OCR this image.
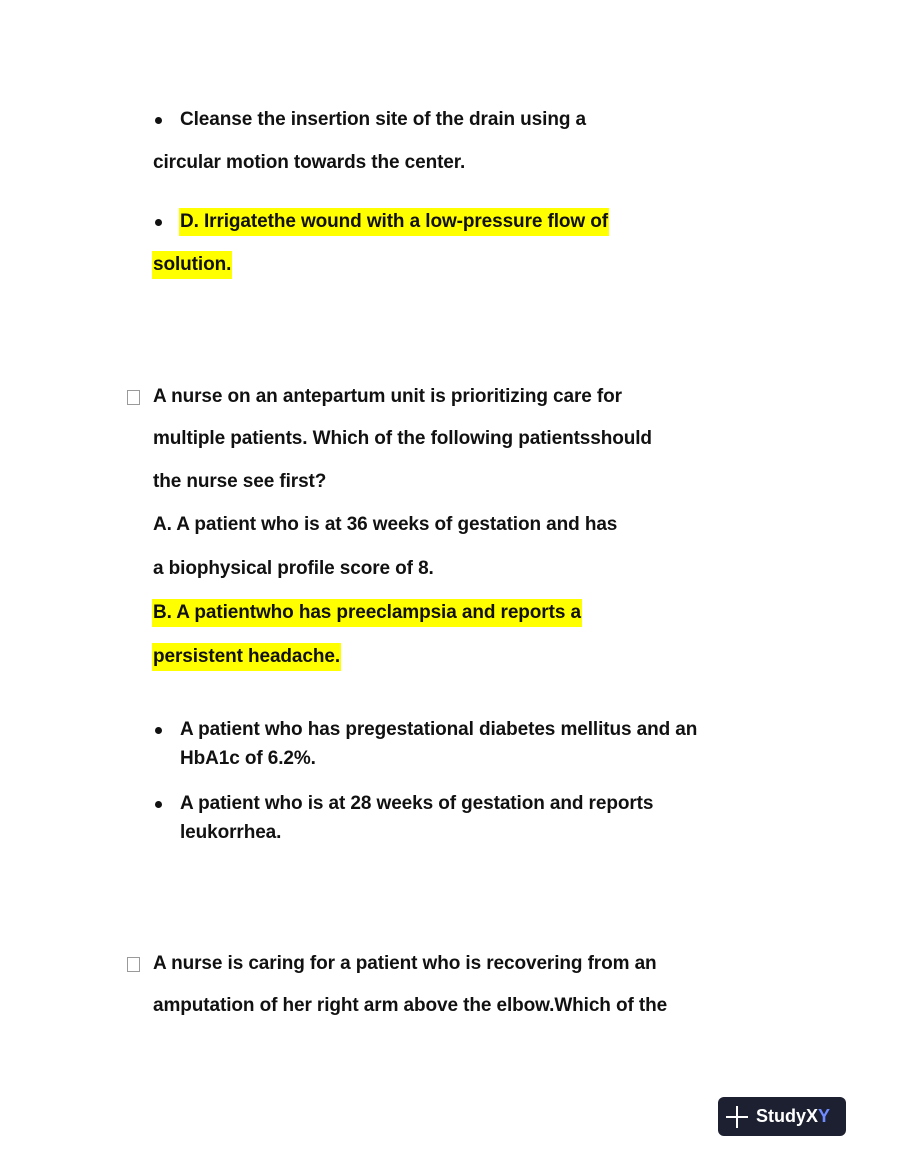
Cleanse the insertion site of the drain using a
circular motion towards the center.
D. Irrigatethe wound with a low-pressure flow of
solution.
A nurse on an antepartum unit is prioritizing care for
multiple patients. Which of the following patientsshould
the nurse see first?
A. A patient who is at 36 weeks of gestation and has
a biophysical profile score of 8.
B. A patientwho has preeclampsia and reports a
persistent headache.
A patient who has pregestational diabetes mellitus and an
HbA1c of 6.2%.
A patient who is at 28 weeks of gestation and reports
leukorrhea.
A nurse is caring for a patient who is recovering from an
amputation of her right arm above the elbow.Which of the
StudyX Y
